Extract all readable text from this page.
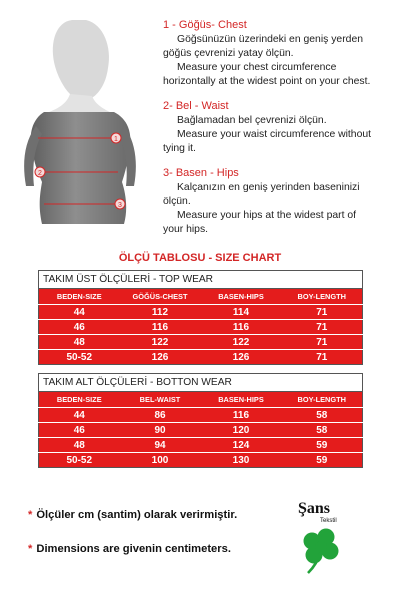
1
2
3
1 - Göğüs- Chest
Göğsünüzün üzerindeki en geniş yerden
göğüs çevrenizi yatay ölçün.
Measure your chest circumference
horizontally at the widest point on your chest.
2- Bel - Waist
Bağlamadan bel çevrenizi ölçün.
Measure your waist circumference without
tying it.
3- Basen - Hips
Kalçanızın en geniş yerinden baseninizi
ölçün.
Measure your hips at the widest part of
your hips.
ÖLÇÜ TABLOSU - SIZE CHART
TAKIM ÜST ÖLÇÜLERİ - TOP WEAR
BEDEN-SIZE	GÖĞÜS-CHEST	BASEN-HIPS	BOY-LENGTH
44	112	114	71
46	116	116	71
48	122	122	71
50-52	126	126	71
TAKIM ALT ÖLÇÜLERİ - BOTTON WEAR
BEDEN-SIZE	BEL-WAIST	BASEN-HIPS	BOY-LENGTH
44	86	116	58
46	90	120	58
48	94	124	59
50-52	100	130	59
* Ölçüler cm (santim) olarak verirmiştir.
* Dimensions are givenin centimeters.
Şans
Tekstil
